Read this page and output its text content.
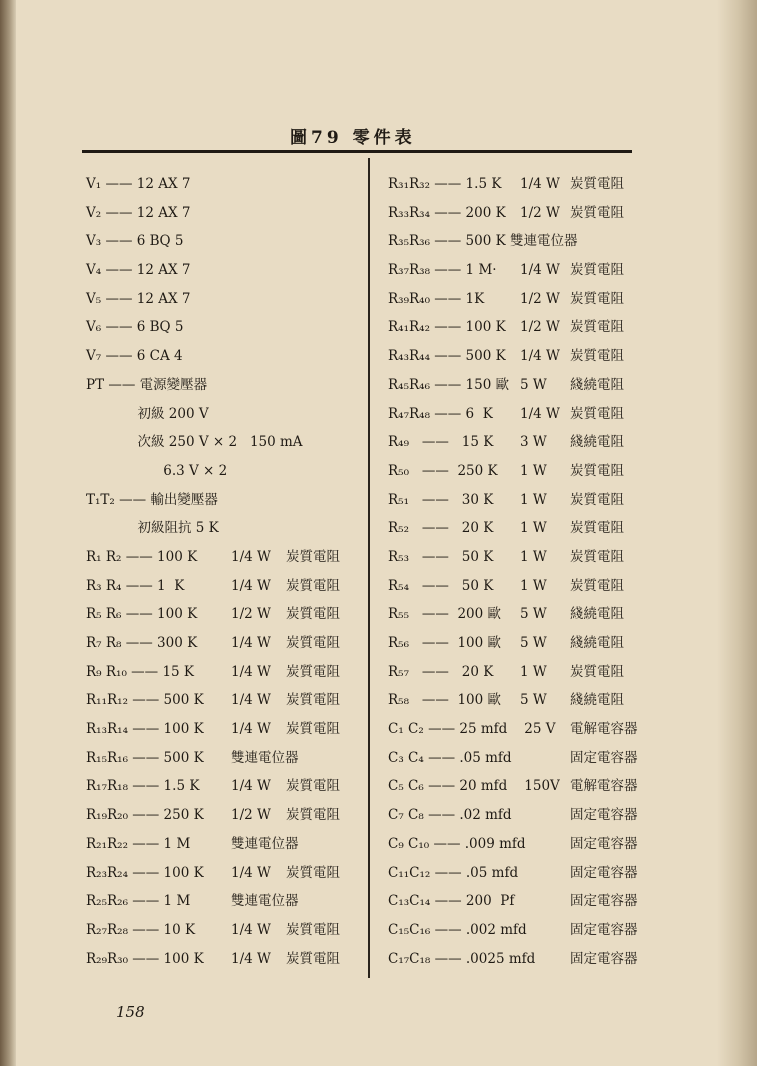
圖79 零件表
V₁ —— 12 AX 7
V₂ —— 12 AX 7
V₃ —— 6 BQ 5
V₄ —— 12 AX 7
V₅ —— 12 AX 7
V₆ —— 6 BQ 5
V₇ —— 6 CA 4
PT —— 電源變壓器
初級 200 V
次級 250 V × 2   150 mA
6.3 V × 2
T₁T₂ —— 輸出變壓器
初級阻抗 5 K
R₁ R₂ —— 100 K	1/4 W 炭質電阻
R₃ R₄ —— 1  K	1/4 W 炭質電阻
R₅ R₆ —— 100 K	1/2 W 炭質電阻
R₇ R₈ —— 300 K	1/4 W 炭質電阻
R₉ R₁₀ —— 15 K	1/4 W 炭質電阻
R₁₁R₁₂ —— 500 K 1/4 W 炭質電阻
R₁₃R₁₄ —— 100 K 1/4 W 炭質電阻
R₁₅R₁₆ —— 500 K 雙連電位器
R₁₇R₁₈ —— 1.5 K 1/4 W 炭質電阻
R₁₉R₂₀ —— 250 K 1/2 W 炭質電阻
R₂₁R₂₂ —— 1 M	雙連電位器
R₂₃R₂₄ —— 100 K 1/4 W 炭質電阻
R₂₅R₂₆ —— 1 M	雙連電位器
R₂₇R₂₈ —— 10 K	1/4 W 炭質電阻
R₂₉R₃₀ —— 100 K 1/4 W 炭質電阻
R₃₁R₃₂ —— 1.5 K 1/4 W 炭質電阻
R₃₃R₃₄ —— 200 K 1/2 W 炭質電阻
R₃₅R₃₆ —— 500 K 雙連電位器
R₃₇R₃₈ —— 1 M· 1/4 W 炭質電阻
R₃₉R₄₀ —— 1K	1/2 W 炭質電阻
R₄₁R₄₂ —— 100 K 1/2 W 炭質電阻
R₄₃R₄₄ —— 500 K 1/4 W 炭質電阻
R₄₅R₄₆ —— 150 歐 5 W 綫繞電阻
R₄₇R₄₈ —— 6  K 1/4 W 炭質電阻
R₄₉   ——   15 K 3 W 綫繞電阻
R₅₀   ——  250 K 1 W 炭質電阻
R₅₁   ——   30 K 1 W 炭質電阻
R₅₂   ——   20 K 1 W 炭質電阻
R₅₃   ——   50 K 1 W 炭質電阻
R₅₄   ——   50 K 1 W 炭質電阻
R₅₅   ——  200 歐 5 W 綫繞電阻
R₅₆   ——  100 歐 5 W 綫繞電阻
R₅₇   ——   20 K 1 W 炭質電阻
R₅₈   ——  100 歐 5 W 綫繞電阻
C₁ C₂ —— 25 mfd 25 V 電解電容器
C₃ C₄ —— .05 mfd	固定電容器
C₅ C₆ —— 20 mfd 150V 電解電容器
C₇ C₈ —— .02 mfd	固定電容器
C₉ C₁₀ —— .009 mfd	固定電容器
C₁₁C₁₂ —— .05 mfd	固定電容器
C₁₃C₁₄ —— 200  Pf	固定電容器
C₁₅C₁₆ —— .002 mfd	固定電容器
C₁₇C₁₈ —— .0025 mfd	固定電容器
158
